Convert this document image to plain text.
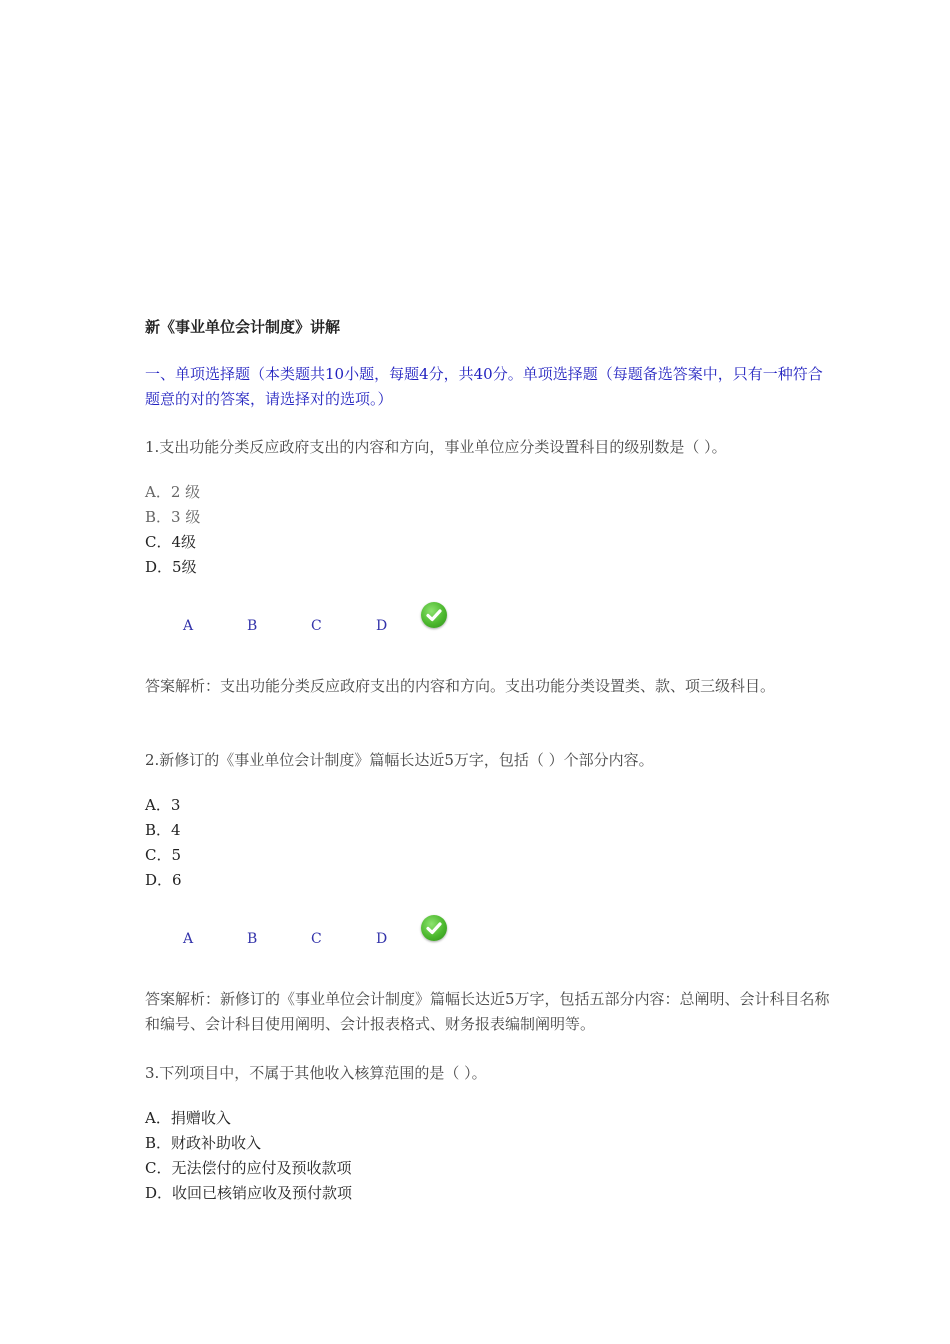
新《事业单位会计制度》讲解
一、单项选择题（本类题共10小题，每题4分，共40分。单项选择题（每题备选答案中，只有一种符合题意的对的答案，请选择对的选项。）
1.支出功能分类反应政府支出的内容和方向，事业单位应分类设置科目的级别数是（ ）。
A．2 级
B．3 级
C．4级
D．5级
A	B	C	D
答案解析：支出功能分类反应政府支出的内容和方向。支出功能分类设置类、款、项三级科目。
2.新修订的《事业单位会计制度》篇幅长达近5万字，包括（ ）个部分内容。
A．3
B．4
C．5
D．6
A	B	C	D
答案解析：新修订的《事业单位会计制度》篇幅长达近5万字，包括五部分内容：总阐明、会计科目名称和编号、会计科目使用阐明、会计报表格式、财务报表编制阐明等。
3.下列项目中，不属于其他收入核算范围的是（ ）。
A．捐赠收入
B．财政补助收入
C．无法偿付的应付及预收款项
D．收回已核销应收及预付款项
